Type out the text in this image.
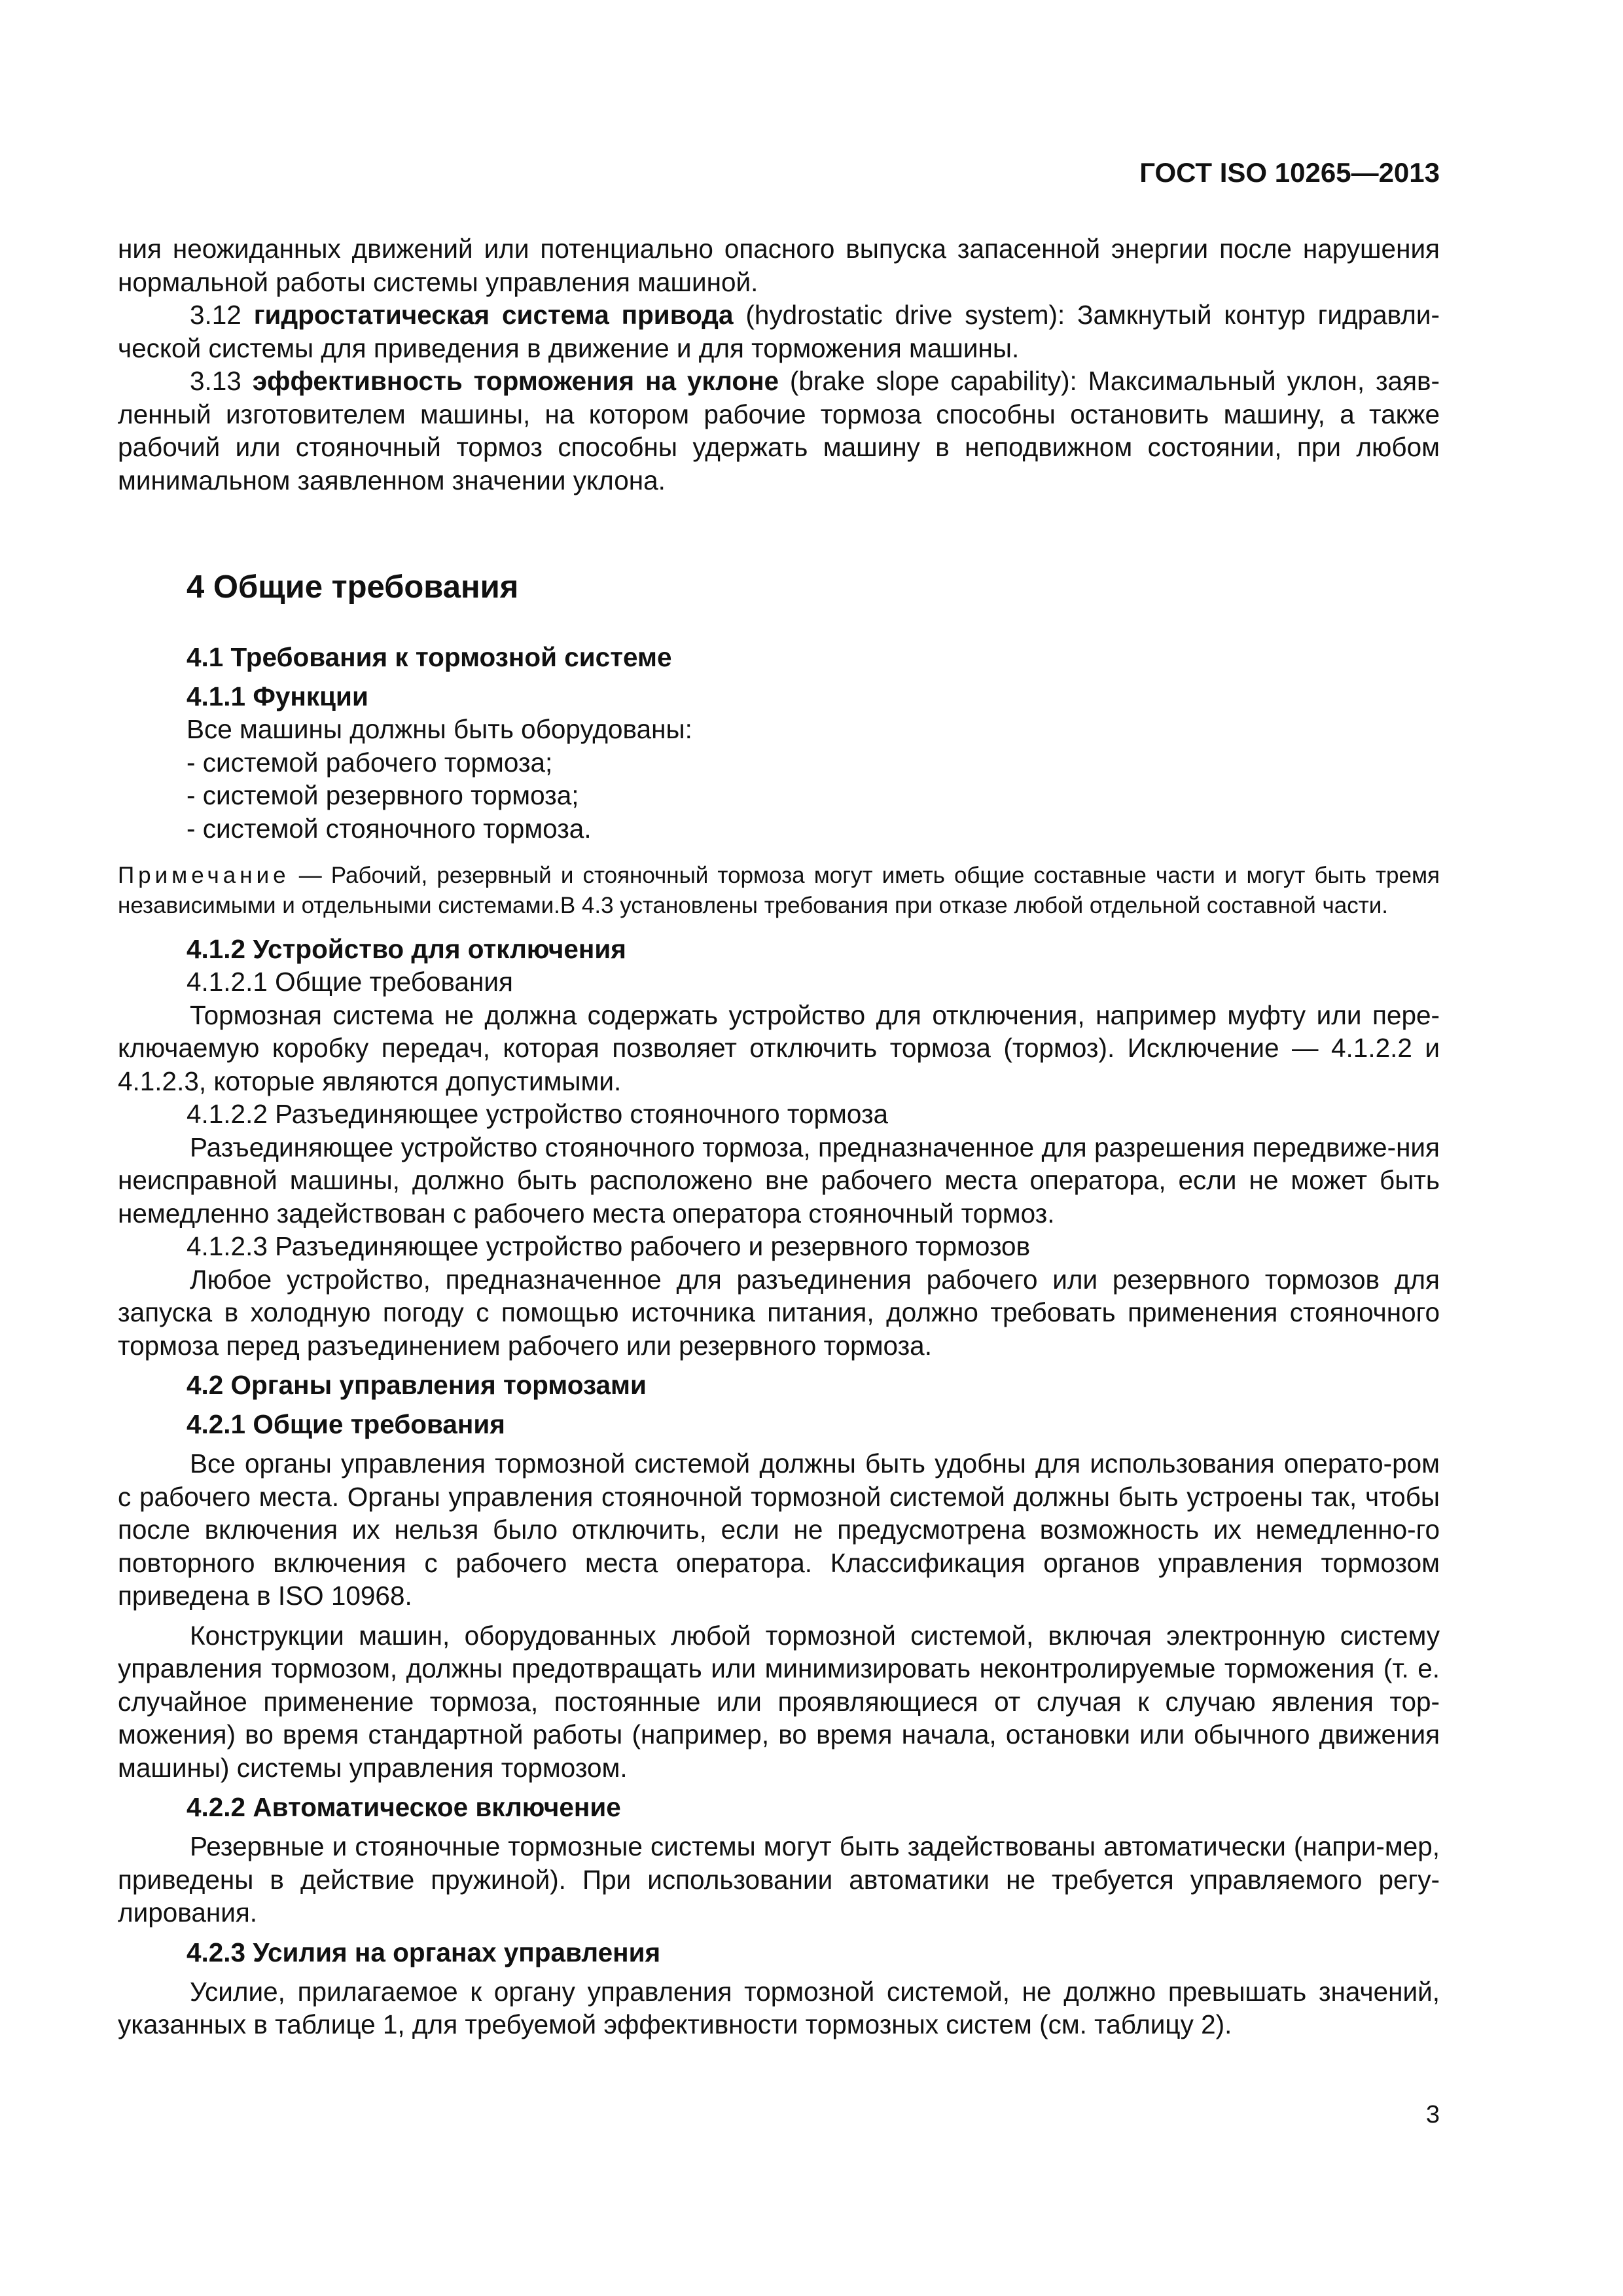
ГОСТ ISO 10265—2013

ния неожиданных движений или потенциально опасного выпуска запасенной энергии после нарушения

нормальной работы системы управления машиной.

3.12 гидростатическая система привода (hydrostatic drive system): Замкнутый контур гидравли-ческой системы для приведения в движение и для торможения машины.

3.13 эффективность торможения на уклоне (brake slope capability): Максимальный уклон, заяв-ленный изготовителем машины, на котором рабочие тормоза способны остановить машину, а также рабочий или стояночный тормоз способны удержать машину в неподвижном состоянии, при любом минимальном заявленном значении уклона.

4 Общие требования
4.1 Требования к тормозной системе
4.1.1 Функции
Все машины должны быть оборудованы:
- системой рабочего тормоза;
- системой резервного тормоза;
- системой стояночного тормоза.

Примечание — Рабочий, резервный и стояночный тормоза могут иметь общие составные части и могут быть тремя независимыми и отдельными системами.В 4.3 установлены требования при отказе любой отдельной составной части.

4.1.2 Устройство для отключения
4.1.2.1 Общие требования

Тормозная система не должна содержать устройство для отключения, например муфту или пере-ключаемую коробку передач, которая позволяет отключить тормоза (тормоз). Исключение — 4.1.2.2 и 4.1.2.3, которые являются допустимыми.

4.1.2.2 Разъединяющее устройство стояночного тормоза

Разъединяющее устройство стояночного тормоза, предназначенное для разрешения передвиже-ния неисправной машины, должно быть расположено вне рабочего места оператора, если не может быть немедленно задействован с рабочего места оператора стояночный тормоз.

4.1.2.3 Разъединяющее устройство рабочего и резервного тормозов

Любое устройство, предназначенное для разъединения рабочего или резервного тормозов для запуска в холодную погоду с помощью источника питания, должно требовать применения стояночного тормоза перед разъединением рабочего или резервного тормоза.

4.2 Органы управления тормозами
4.2.1 Общие требования

Все органы управления тормозной системой должны быть удобны для использования операто-ром с рабочего места. Органы управления стояночной тормозной системой должны быть устроены так, чтобы после включения их нельзя было отключить, если не предусмотрена возможность их немедленно-го повторного включения с рабочего места оператора. Классификация органов управления тормозом приведена в ISO 10968.

Конструкции машин, оборудованных любой тормозной системой, включая электронную систему управления тормозом, должны предотвращать или минимизировать неконтролируемые торможения (т. е. случайное применение тормоза, постоянные или проявляющиеся от случая к случаю явления тор-можения) во время стандартной работы (например, во время начала, остановки или обычного движения машины) системы управления тормозом.

4.2.2 Автоматическое включение

Резервные и стояночные тормозные системы могут быть задействованы автоматически (напри-мер, приведены в действие пружиной). При использовании автоматики не требуется управляемого регу-лирования.

4.2.3 Усилия на органах управления

Усилие, прилагаемое к органу управления тормозной системой, не должно превышать значений, указанных в таблице 1, для требуемой эффективности тормозных систем (см. таблицу 2).

3
